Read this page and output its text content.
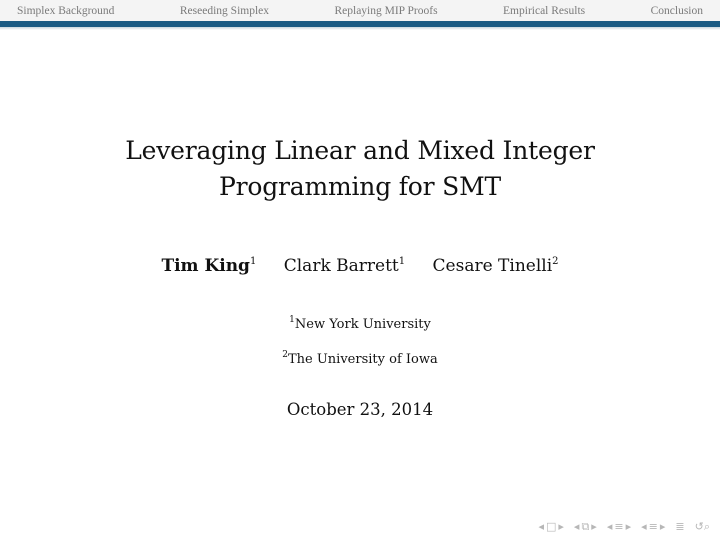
Simplex Background	Reseeding Simplex	Replaying MIP Proofs	Empirical Results	Conclusion
Leveraging Linear and Mixed Integer
Programming for SMT
Tim King$^1$ Clark Barrett$^1$ Cesare Tinelli$^2$
$^1$New York University
$^2$The University of Iowa
October 23, 2014
◂ □ ▸ ◂ ⧉ ▸ ◂ ≡ ▸ ◂ ≡ ▸ ≣ ↺⌕
